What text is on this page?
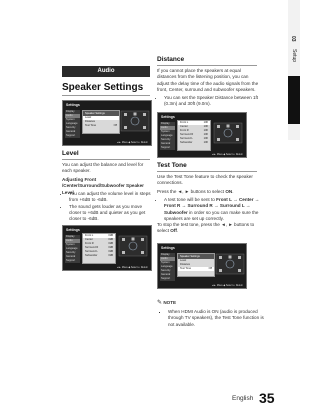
03
Setup
Audio
Speaker Settings
Settings
Display
Audio
System
Language
Security
General
Support
Speaker Settings
Level
Distance
Test Tone	Off
◄► Move ◆ Select ↩ Return
Level
You can adjust the balance and level for each speaker.
Adjusting Front /Center/Surround/Subwoofer Speaker Level
• You can adjust the volume level in steps from +6dB to -6dB.
• The sound gets louder as you move closer to +6dB and quieter as you get closer to -6dB.
Settings
Display
Audio
System
Language
Security
General
Support
Front L	0dB
Center	0dB
Front R	0dB
Surround R	0dB
Surround L	0dB
Subwoofer	0dB
◄► Move ◆ Select ↩ Return
Distance
If you cannot place the speakers at equal distances from the listening position, you can adjust the delay time of the audio signals from the front, Center, surround and subwoofer speakers.
• You can set the Speaker Distance between 1ft (0.3m) and 30ft (9.0m).
Settings
Display
Audio
System
Language
Security
General
Support
Front L	10ft
Center	10ft
Front R	10ft
Surround R	10ft
Surround L	10ft
Subwoofer	10ft
◄► Move ◆ Select ↩ Return
Test Tone
Use the Test Tone feature to check the speaker connections.
Press the ◄, ► buttons to select ON.
• A test tone will be sent to Front L → Center → Front R → Surround R → Surround L → Subwoofer in order so you can make sure the speakers are set up correctly.
To stop the test tone, press the ◄, ► buttons to select Off.
Settings
Display
Audio
System
Language
Security
General
Support
Speaker Settings
Level
Distance
Test Tone	Off
◄► Move ◆ Select ↩ Return
✎ NOTE
▪ When HDMI Audio is ON (audio is produced through TV speakers), the Test Tone function is not available.
English 35
